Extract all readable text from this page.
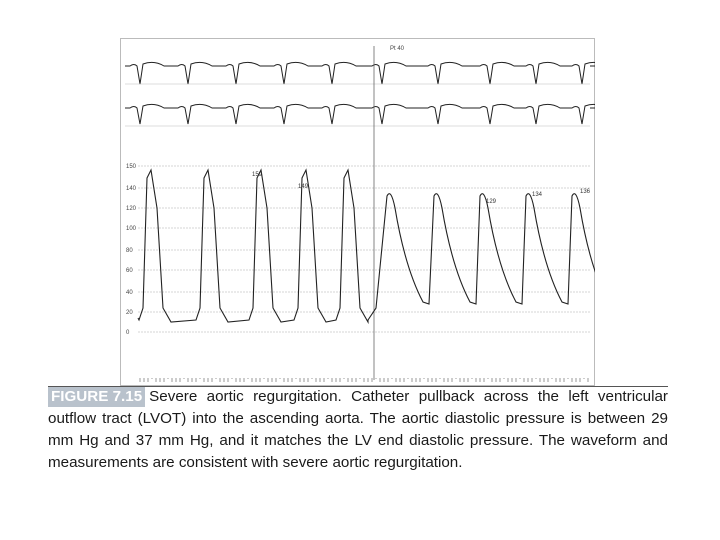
150
140
120
100
80
60
40
20
0
Pt 40
159
149
129
134	136

FIGURE 7.15 Severe aortic regurgitation. Catheter pullback across the left ventricular outflow tract (LVOT) into the ascending aorta. The aortic diastolic pressure is between 29 mm Hg and 37 mm Hg, and it matches the LV end diastolic pressure. The waveform and measurements are consistent with severe aortic regurgitation.
